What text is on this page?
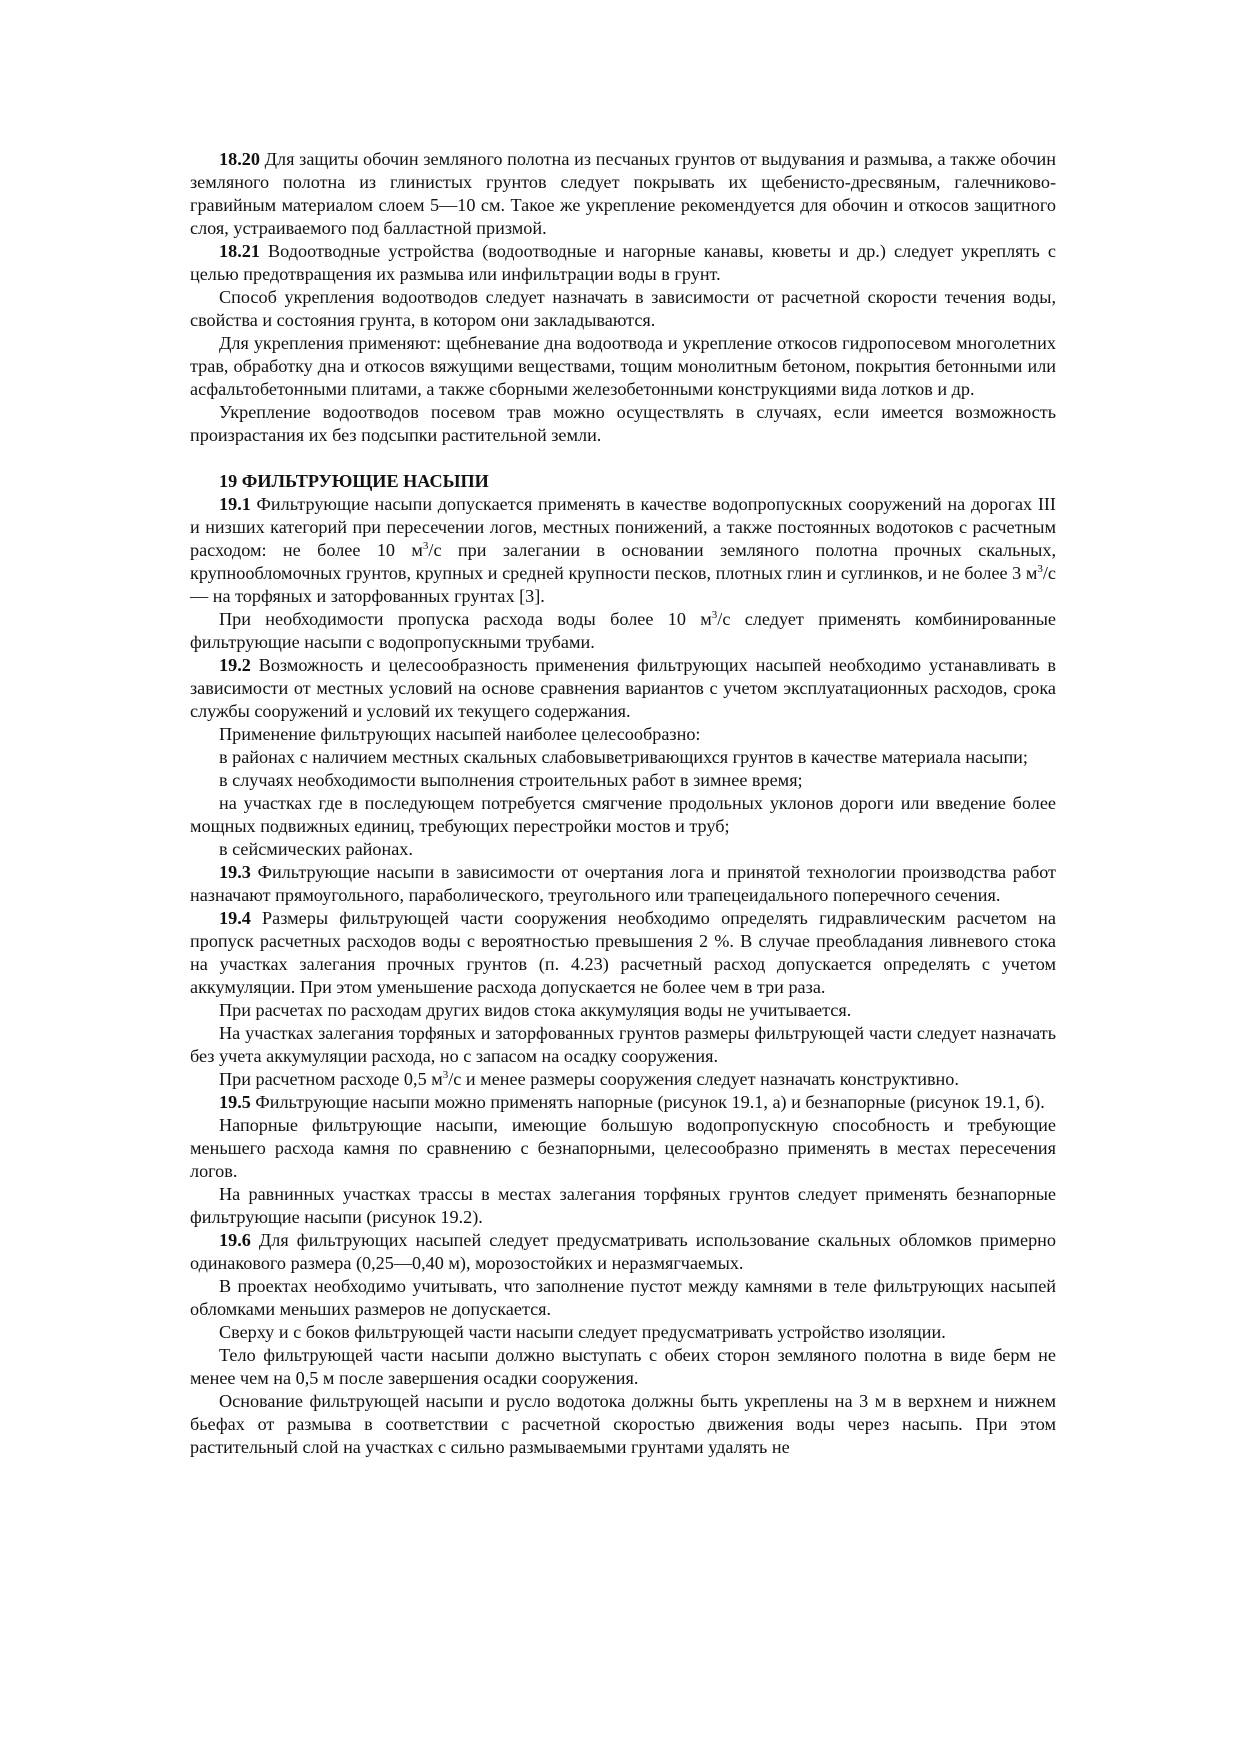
18.20 Для защиты обочин земляного полотна из песчаных грунтов от выдувания и размыва, а также обочин земляного полотна из глинистых грунтов следует покрывать их щебенисто-дресвяным, галечниково-гравийным материалом слоем 5—10 см. Такое же укрепление рекомендуется для обочин и откосов защитного слоя, устраиваемого под балластной призмой.

18.21 Водоотводные устройства (водоотводные и нагорные канавы, кюветы и др.) следует укреплять с целью предотвращения их размыва или инфильтрации воды в грунт.

Способ укрепления водоотводов следует назначать в зависимости от расчетной скорости течения воды, свойства и состояния грунта, в котором они закладываются.

Для укрепления применяют: щебневание дна водоотвода и укрепление откосов гидропосевом многолетних трав, обработку дна и откосов вяжущими веществами, тощим монолитным бетоном, покрытия бетонными или асфальтобетонными плитами, а также сборными железобетонными конструкциями вида лотков и др.

Укрепление водоотводов посевом трав можно осуществлять в случаях, если имеется возможность произрастания их без подсыпки растительной земли.

19 ФИЛЬТРУЮЩИЕ НАСЫПИ

19.1 Фильтрующие насыпи допускается применять в качестве водопропускных сооружений на дорогах III и низших категорий при пересечении логов, местных понижений, а также постоянных водотоков с расчетным расходом: не более 10 $м^3/с$ при залегании в основании земляного полотна прочных скальных, крупнообломочных грунтов, крупных и средней крупности песков, плотных глин и суглинков, и не более 3 $м^3/с$ — на торфяных и заторфованных грунтах [3].

При необходимости пропуска расхода воды более 10 $м^3/с$ следует применять комбинированные фильтрующие насыпи с водопропускными трубами.

19.2 Возможность и целесообразность применения фильтрующих насыпей необходимо устанавливать в зависимости от местных условий на основе сравнения вариантов с учетом эксплуатационных расходов, срока службы сооружений и условий их текущего содержания.

Применение фильтрующих насыпей наиболее целесообразно:

в районах с наличием местных скальных слабовыветривающихся грунтов в качестве материала насыпи;

в случаях необходимости выполнения строительных работ в зимнее время;

на участках где в последующем потребуется смягчение продольных уклонов дороги или введение более мощных подвижных единиц, требующих перестройки мостов и труб;

в сейсмических районах.

19.3 Фильтрующие насыпи в зависимости от очертания лога и принятой технологии производства работ назначают прямоугольного, параболического, треугольного или трапецеидального поперечного сечения.

19.4 Размеры фильтрующей части сооружения необходимо определять гидравлическим расчетом на пропуск расчетных расходов воды с вероятностью превышения 2 %. В случае преобладания ливневого стока на участках залегания прочных грунтов (п. 4.23) расчетный расход допускается определять с учетом аккумуляции. При этом уменьшение расхода допускается не более чем в три раза.

При расчетах по расходам других видов стока аккумуляция воды не учитывается.

На участках залегания торфяных и заторфованных грунтов размеры фильтрующей части следует назначать без учета аккумуляции расхода, но с запасом на осадку сооружения.

При расчетном расходе 0,5 $м^3/с$ и менее размеры сооружения следует назначать конструктивно.

19.5 Фильтрующие насыпи можно применять напорные (рисунок 19.1, а) и безнапорные (рисунок 19.1, б).

Напорные фильтрующие насыпи, имеющие большую водопропускную способность и требующие меньшего расхода камня по сравнению с безнапорными, целесообразно применять в местах пересечения логов.

На равнинных участках трассы в местах залегания торфяных грунтов следует применять безнапорные фильтрующие насыпи (рисунок 19.2).

19.6 Для фильтрующих насыпей следует предусматривать использование скальных обломков примерно одинакового размера (0,25—0,40 м), морозостойких и неразмягчаемых.

В проектах необходимо учитывать, что заполнение пустот между камнями в теле фильтрующих насыпей обломками меньших размеров не допускается.

Сверху и с боков фильтрующей части насыпи следует предусматривать устройство изоляции.

Тело фильтрующей части насыпи должно выступать с обеих сторон земляного полотна в виде берм не менее чем на 0,5 м после завершения осадки сооружения.

Основание фильтрующей насыпи и русло водотока должны быть укреплены на 3 м в верхнем и нижнем бьефах от размыва в соответствии с расчетной скоростью движения воды через насыпь. При этом растительный слой на участках с сильно размываемыми грунтами удалять не
